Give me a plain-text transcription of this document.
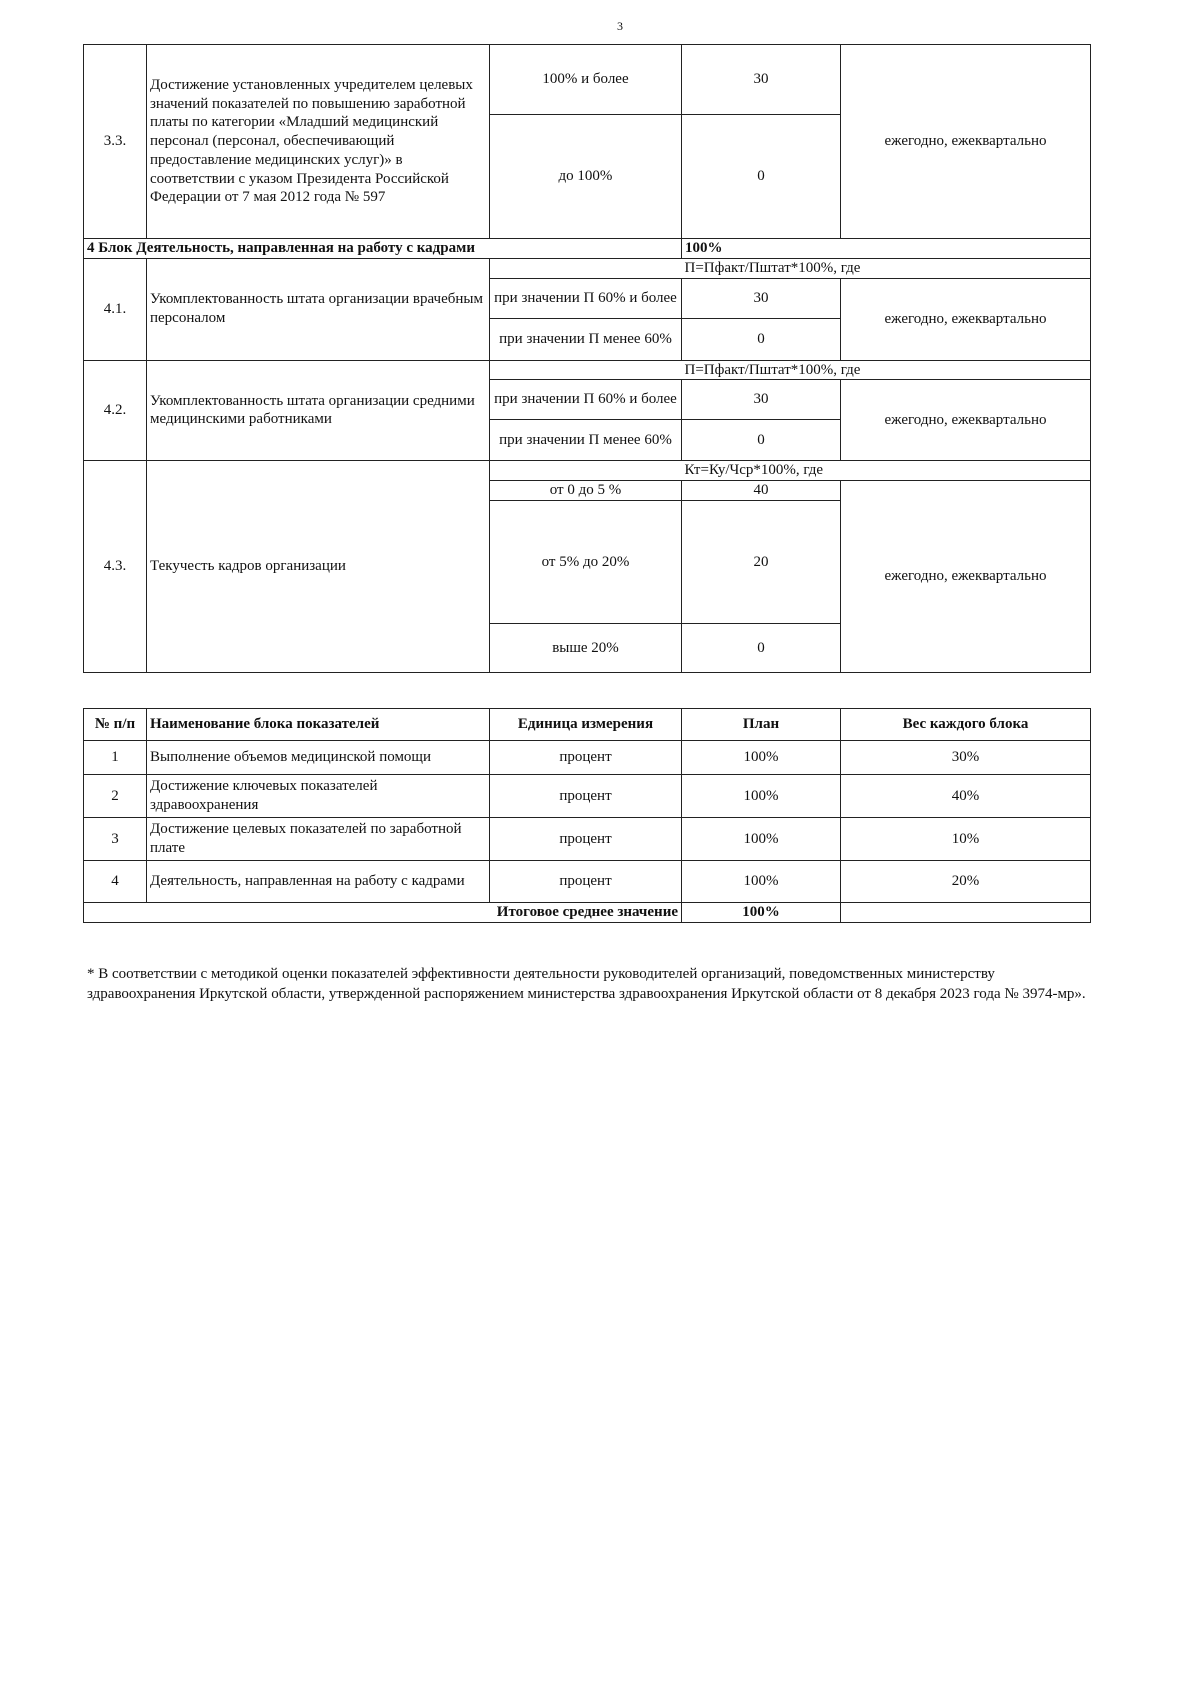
3
3.3.	Достижение установленных учредителем целевых значений показателей по повышению заработной платы по категории «Младший медицинский персонал (персонал, обеспечивающий предоставление медицинских услуг)» в соответствии с указом Президента Российской Федерации от 7 мая 2012 года № 597	100% и более	30	ежегодно, ежеквартально
		до 100%	0	
4 Блок Деятельность, направленная на работу с кадрами			100%	
4.1.	Укомплектованность штата организации врачебным персоналом		П=Пфакт/Пштат*100%, где	
		при значении П 60% и более	30	ежегодно, ежеквартально
		при значении П менее 60%	0	
4.2.	Укомплектованность штата организации средними медицинскими работниками		П=Пфакт/Пштат*100%, где	
		при значении П 60% и более	30	ежегодно, ежеквартально
		при значении П менее 60%	0	
4.3.	Текучесть кадров организации		Кт=Ку/Чср*100%, где	
		от 0 до 5 %	40	ежегодно, ежеквартально
		от 5% до 20%	20	
		выше 20%	0	
№ п/п	Наименование блока показателей	Единица измерения	План	Вес каждого блока
1	Выполнение объемов медицинской помощи	процент	100%	30%
2	Достижение ключевых показателей здравоохранения	процент	100%	40%
3	Достижение целевых показателей по заработной плате	процент	100%	10%
4	Деятельность, направленная на работу с кадрами	процент	100%	20%
Итоговое среднее значение			100%	
* В соответствии с методикой оценки показателей эффективности деятельности руководителей организаций, поведомственных министерству здравоохранения Иркутской области, утвержденной распоряжением министерства здравоохранения Иркутской области от 8 декабря 2023 года № 3974-мр».
